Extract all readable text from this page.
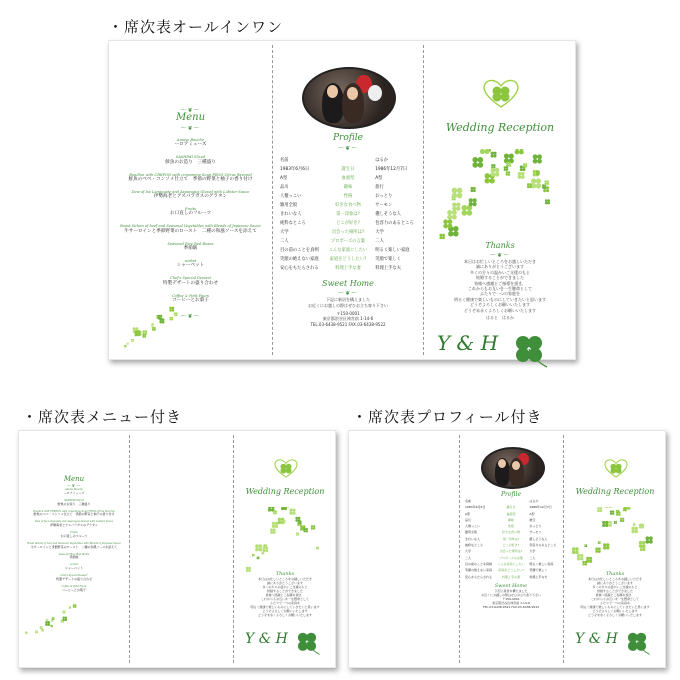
・席次表オールインワン
・席次表メニュー付き	・席次表プロフィール付き
〜❦〜
Menu
〜❦〜
Amuse Bouche
ーロアミューズ
SASHIMI Sliced
鮮魚のお造り　三種盛り
Bouillon with CREPON with consomme Soup FROG Citrus flavored
鮮魚のベベ・コンソメ仕立て　季節の野菜と柚子の香り付け
Dew of Ise Langouste and Asparagus Glazed with Lobster Sauce
伊勢海老とアスパラガスのグラタン
Fruits
お口直しのフルーツ
Roast Sirloin of beef and Seasonal Vegetables with Blends of Japanese Sauce
牛サーロインと季節野菜のロースト　二種の和風ソースを添えて
Seasonal Rice Red Beans
季節飯
sorbet
シャーベット
Chef's Special Dessert
特製デザートの盛り合わせ
Coffee & Petit Fours
コーヒーとお菓子
〜❦〜
Profile
〜❦〜
名前	はるか
1983年6月6日	誕生日	1986年12月7日
A型	血液型	A型
品川	趣味	旅行
人懐っこい	性格	おっとり
雑用全般	好きな食べ物	サーモン
きれいな人	第一印象は?	優しそうな人
純粋なところ	どこが好き?	包容力のあるところ
大学	出会った場所は?	大学
二人	プロポーズの言葉	二人
目の前のことを真剣	こんな家庭にしたい	明るく楽しい家庭
笑顔の絶えない家庭	家庭をどうしたい?	笑顔で楽しく
安心をもたらされる	料理上手な妻	料理上手な夫
Sweet Home
〜❦〜
下記に新居を構えました
お近くにお越しの際はぜひお立ち寄り下さい
〒150-0001
東京都渋谷区神宮前 1-14-6
TEL.03-6438-9521 FAX.03-6438-9522
Wedding Reception
Thanks
〜❦〜
本日はお忙しいところをお越しいただき
誠にありがとうございます
多くの方々の温かいご支援のもと
結婚することができました
皆様へ感謝とご指導を頂き、
これからもお互いを一生懸命として
ふたりで一つの家庭を
明るく健康で楽しいものにしていきたいと思います
どうぞよろしくお願いいたします
どうぞ末永くよろしくお願いいたします
はると　はるか
Y & H
Menu
〜❦〜
Amuse Bouche
ーロアミューズ
SASHIMI Sliced
鮮魚のお造り　三種盛り
Bouillon with CREPON with consomme Soup FROG Citrus flavored
鮮魚のベベ・コンソメ仕立て　季節の野菜と柚子の香り付け
Dew of Ise Langouste and Asparagus Glazed with Lobster Sauce
伊勢海老とアスパラガスのグラタン
Fruits
お口直しのフルーツ
Roast Sirloin of beef and Seasonal Vegetables with Blends of Japanese Sauce
牛サーロインと季節野菜のロースト　二種の和風ソースを添えて
Seasonal Rice Red Beans
季節飯
sorbet
シャーベット
Chef's Special Dessert
特製デザートの盛り合わせ
Coffee & Petit Fours
コーヒーとお菓子
Wedding Reception
Thanks
本日はお忙しいところをお越しいただき
誠にありがとうございます
多くの方々の温かいご支援のもと
結婚することができました
皆様へ感謝とご指導を頂き、
これからもお互いを一生懸命として
ふたりで一つの家庭を
明るく健康で楽しいものにしていきたいと思います
どうぞよろしくお願いいたします
どうぞ末永くよろしくお願いいたします
Y & H
Profile
名前	はるか
1983年6月6日	誕生日	1986年12月7日
A型	血液型	A型
品川	趣味	旅行
人懐っこい	性格	おっとり
雑用全般	好きな食べ物	サーモン
きれいな人	第一印象は?	優しそうな人
純粋なところ	どこが好き?	包容力のあるところ
大学	出会った場所は?	大学
二人	プロポーズの言葉	二人
目の前のことを真剣	こんな家庭にしたい	明るく楽しい家庭
笑顔の絶えない家庭	家庭をどうしたい?	笑顔で楽しく
安心をもたらされる	料理上手な妻	料理上手な夫
Sweet Home
下記に新居を構えました
お近くにお越しの際はぜひお立ち寄り下さい
〒150-0001
東京都渋谷区神宮前 1-14-6
TEL.03-6438-9521 FAX.03-6438-9522
Wedding Reception
Thanks
本日はお忙しいところをお越しいただき
誠にありがとうございます
多くの方々の温かいご支援のもと
結婚することができました
皆様へ感謝とご指導を頂き、
これからもお互いを一生懸命として
ふたりで一つの家庭を
明るく健康で楽しいものにしていきたいと思います
どうぞよろしくお願いいたします
どうぞ末永くよろしくお願いいたします
Y & H
